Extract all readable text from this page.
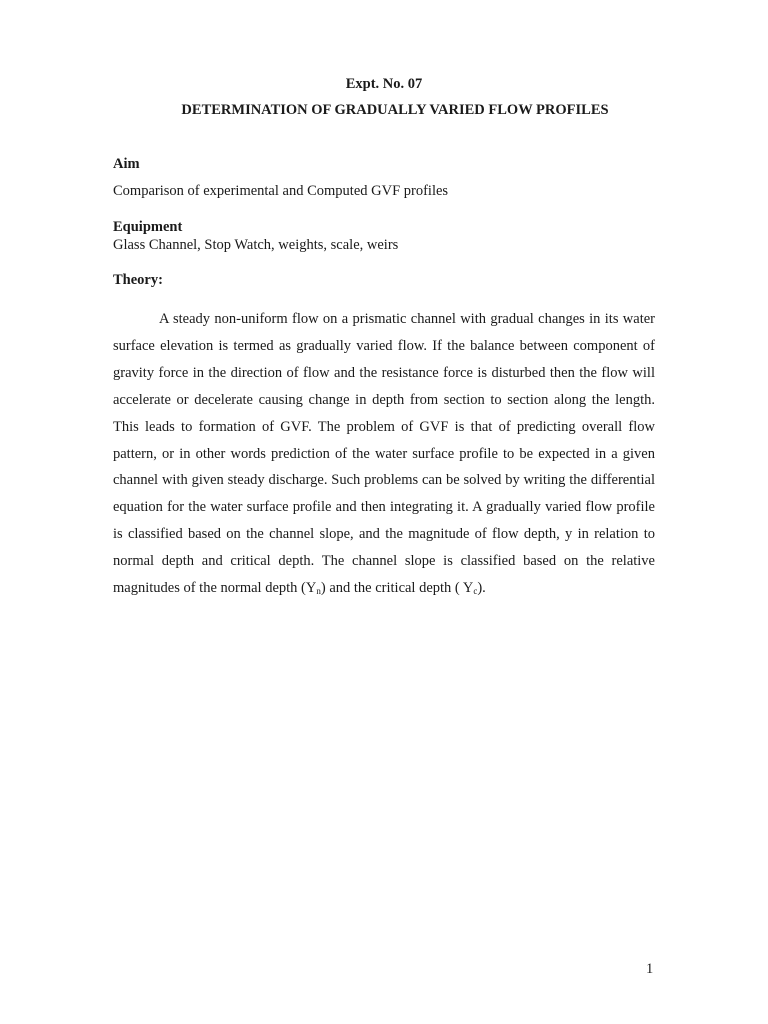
Expt. No. 07
DETERMINATION OF GRADUALLY VARIED FLOW PROFILES
Aim
Comparison of experimental and Computed GVF profiles
Equipment
Glass Channel, Stop Watch, weights, scale, weirs
Theory:

A steady non-uniform flow on a prismatic channel with gradual changes in its water surface elevation is termed as gradually varied flow. If the balance between component of gravity force in the direction of flow and the resistance force is disturbed then the flow will accelerate or decelerate causing change in depth from section to section along the length. This leads to formation of GVF. The problem of GVF is that of predicting overall flow pattern, or in other words prediction of the water surface profile to be expected in a given channel with given steady discharge. Such problems can be solved by writing the differential equation for the water surface profile and then integrating it. A gradually varied flow profile is classified based on the channel slope, and the magnitude of flow depth, y in relation to normal depth and critical depth. The channel slope is classified based on the relative magnitudes of the normal depth $(Y_n)$ and the critical depth ( $Y_c$).

1
